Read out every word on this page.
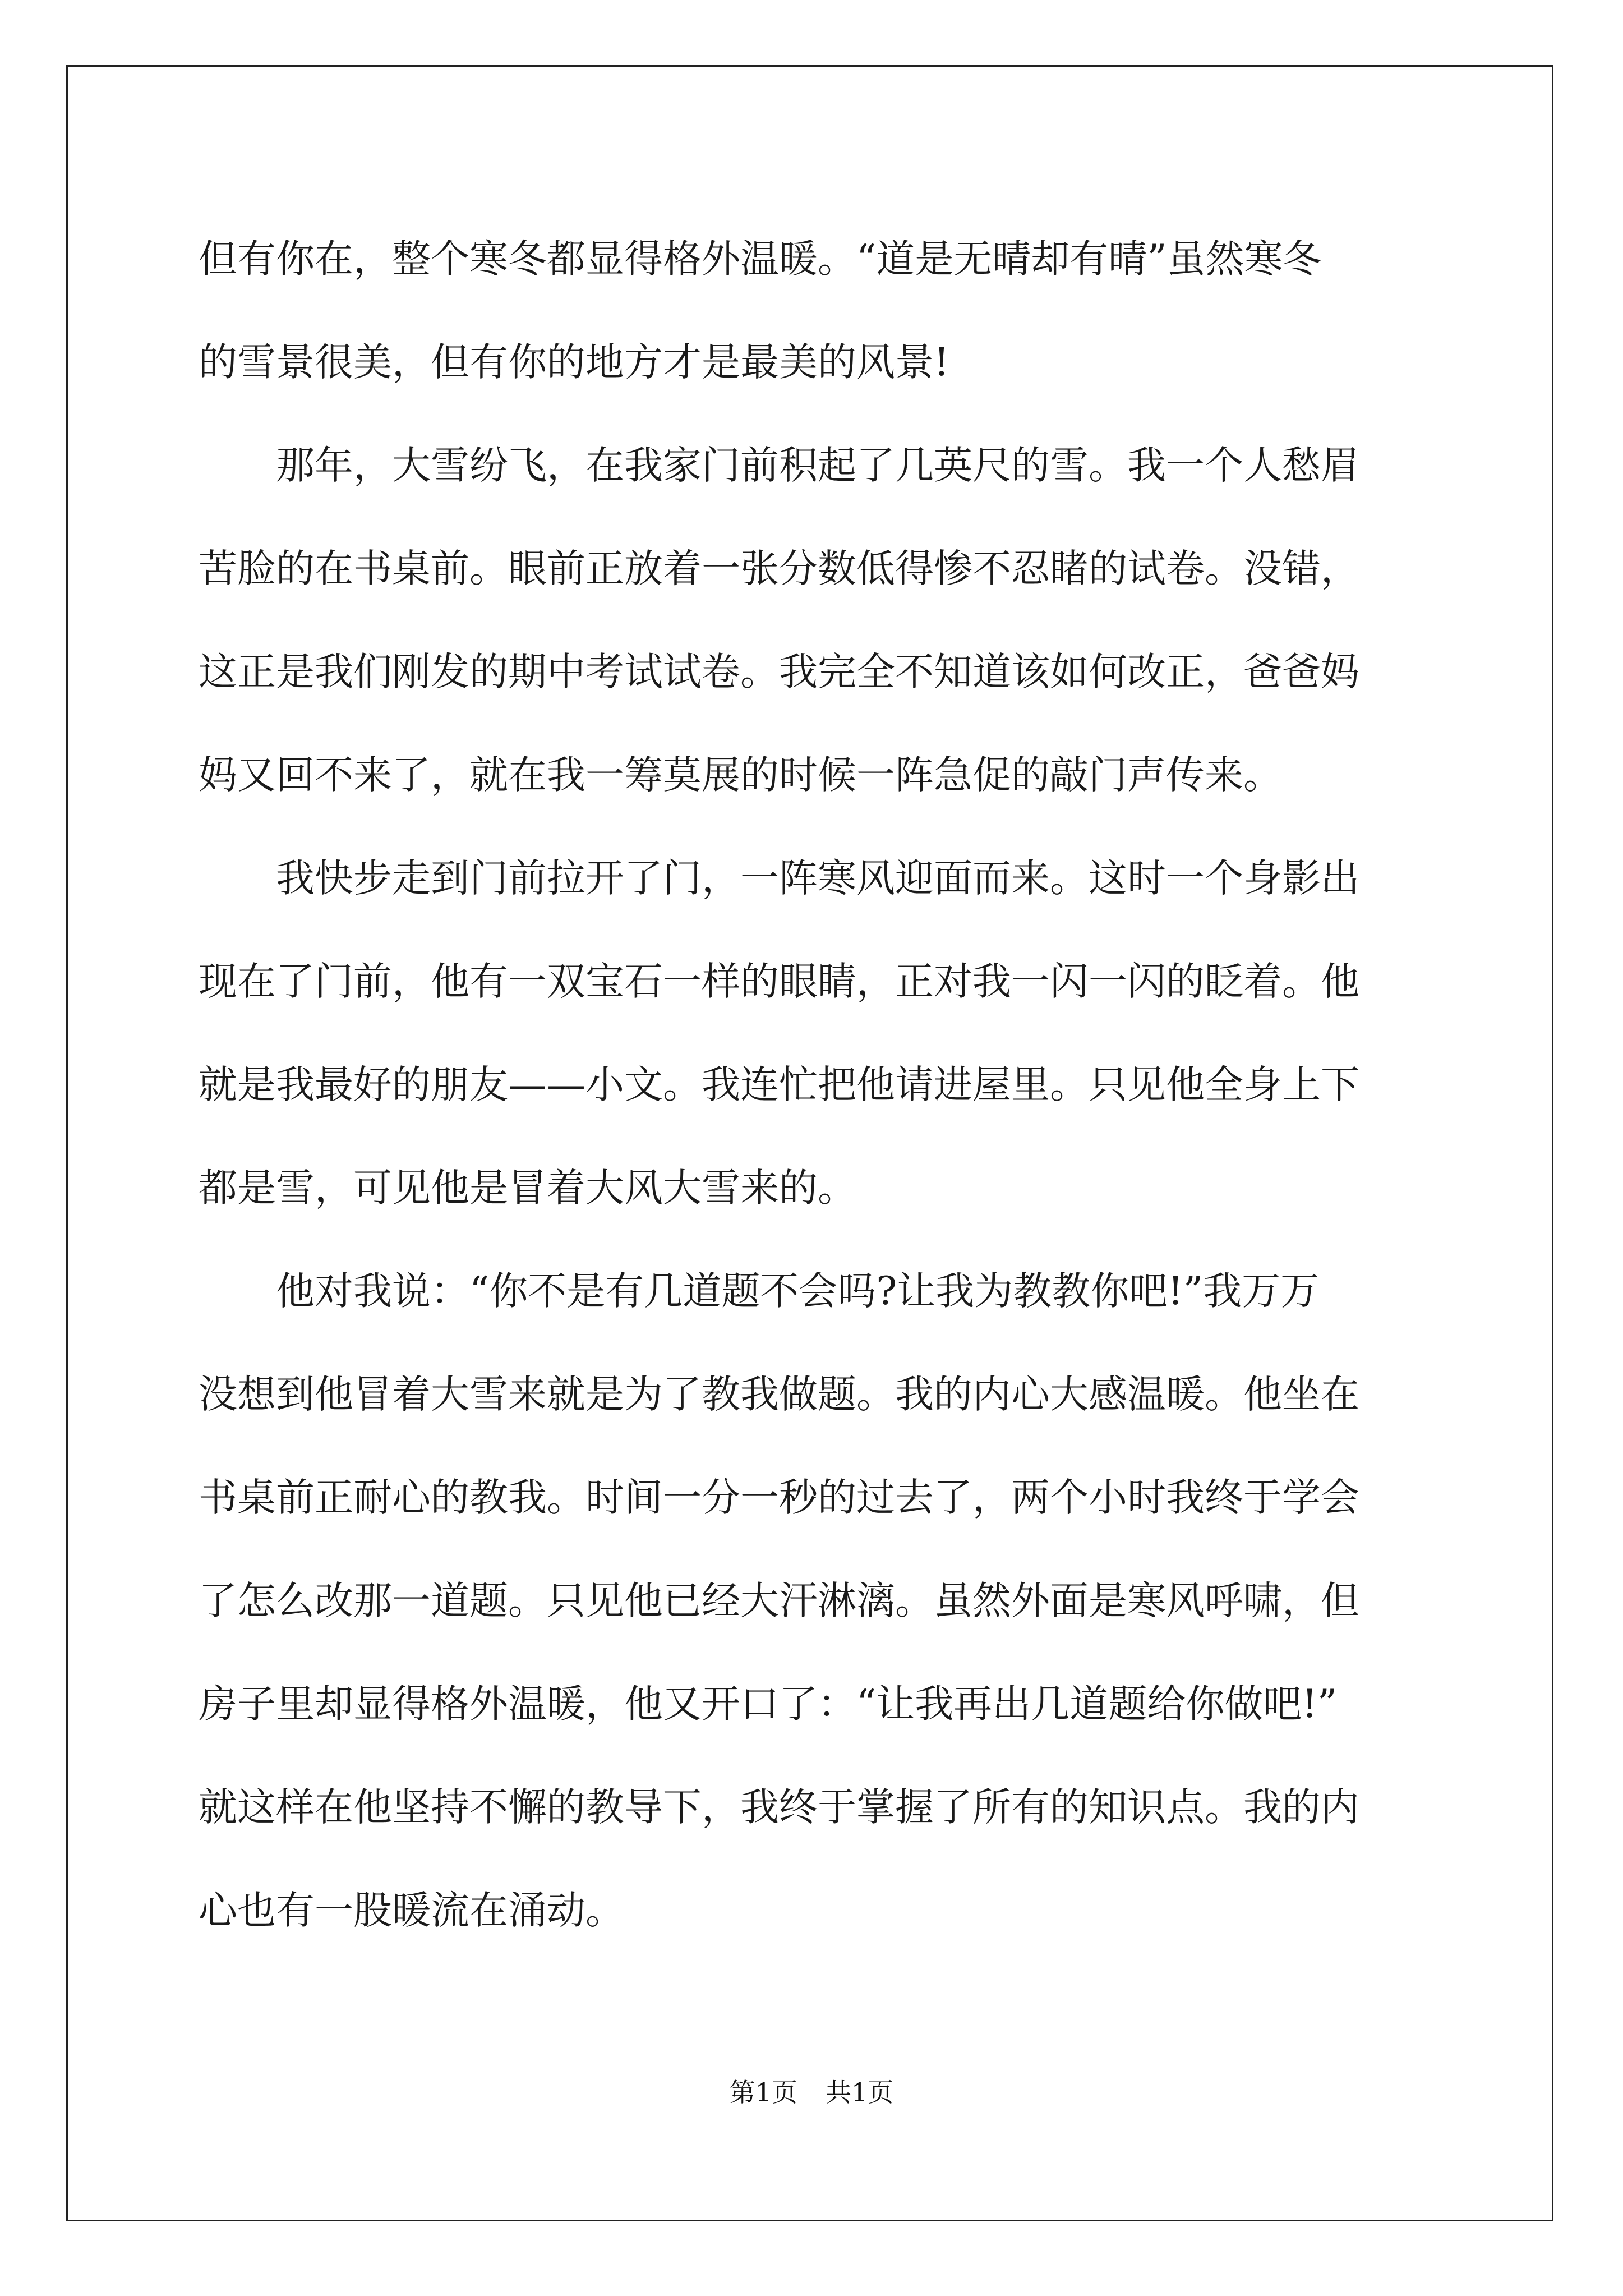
但有你在，整个寒冬都显得格外温暖。“道是无晴却有晴”虽然寒冬
的雪景很美，但有你的地方才是最美的风景!
　　那年，大雪纷飞，在我家门前积起了几英尺的雪。我一个人愁眉
苦脸的在书桌前。眼前正放着一张分数低得惨不忍睹的试卷。没错，
这正是我们刚发的期中考试试卷。我完全不知道该如何改正，爸爸妈
妈又回不来了，就在我一筹莫展的时候一阵急促的敲门声传来。
　　我快步走到门前拉开了门，一阵寒风迎面而来。这时一个身影出
现在了门前，他有一双宝石一样的眼睛，正对我一闪一闪的眨着。他
就是我最好的朋友——小文。我连忙把他请进屋里。只见他全身上下
都是雪，可见他是冒着大风大雪来的。
　　他对我说：“你不是有几道题不会吗?让我为教教你吧!”我万万
没想到他冒着大雪来就是为了教我做题。我的内心大感温暖。他坐在
书桌前正耐心的教我。时间一分一秒的过去了，两个小时我终于学会
了怎么改那一道题。只见他已经大汗淋漓。虽然外面是寒风呼啸，但
房子里却显得格外温暖，他又开口了：“让我再出几道题给你做吧!”
就这样在他坚持不懈的教导下，我终于掌握了所有的知识点。我的内
心也有一股暖流在涌动。
第1页 共1页
